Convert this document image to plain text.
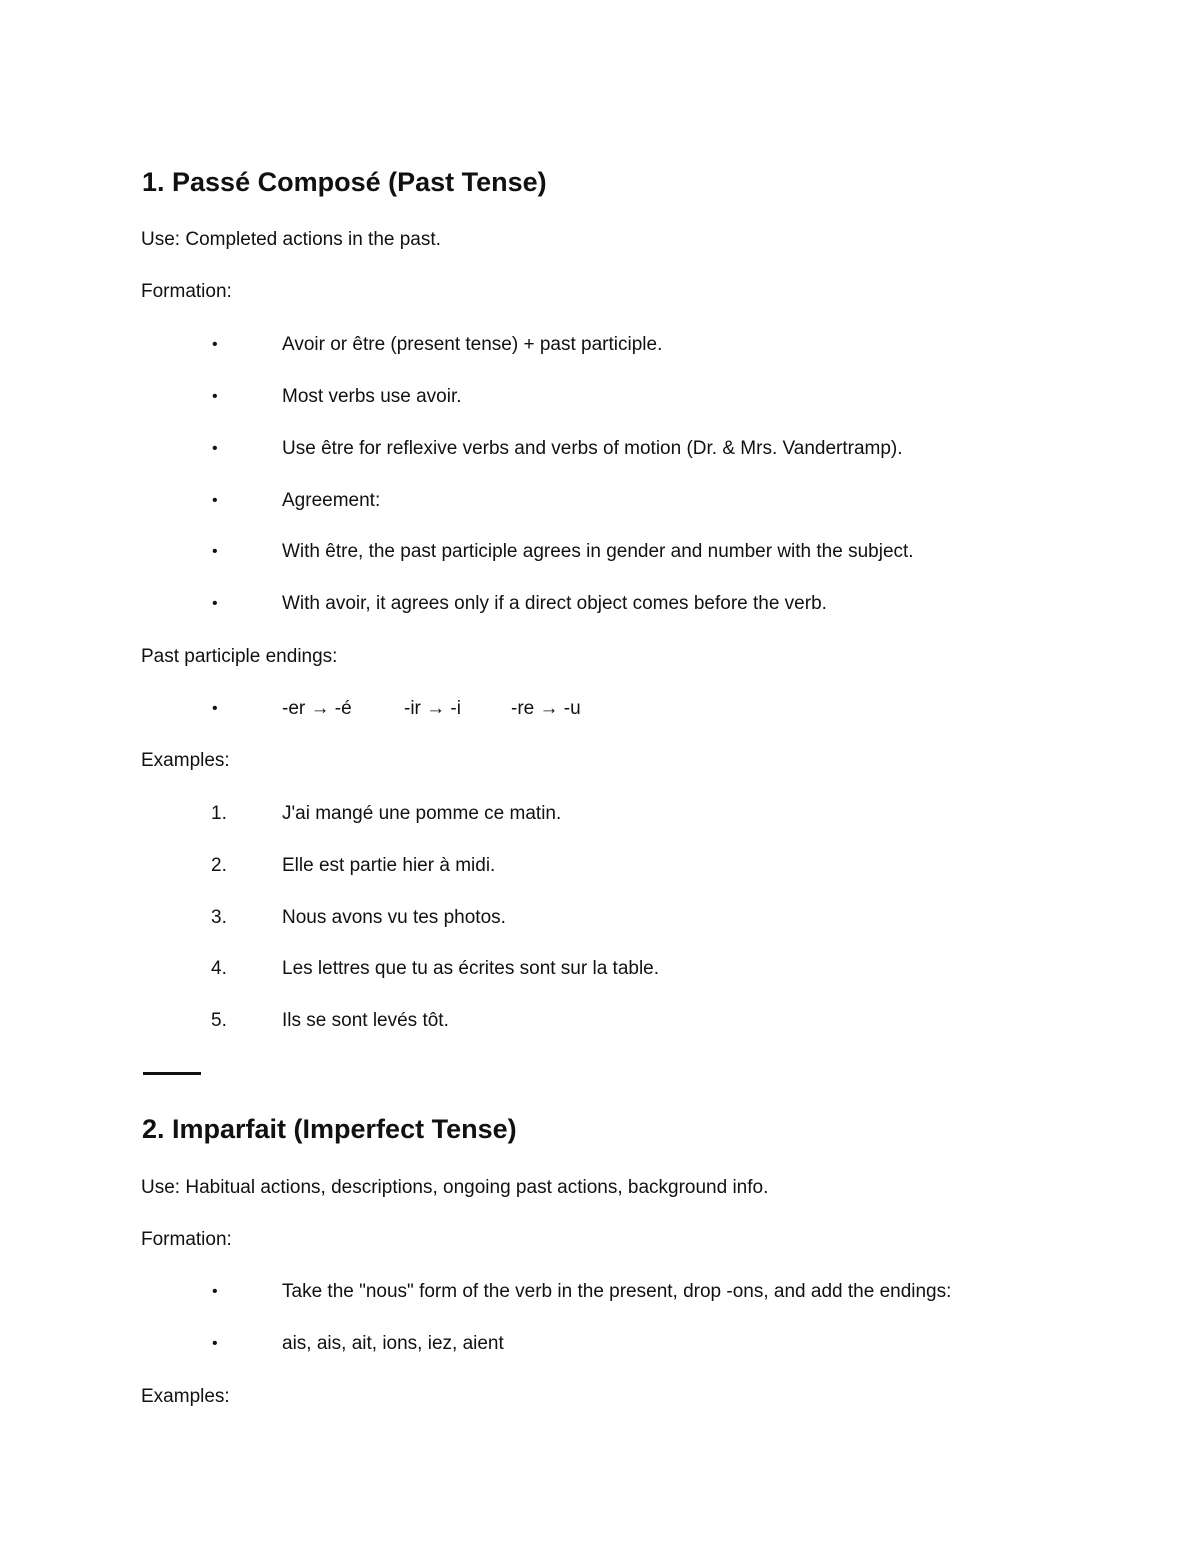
1. Passé Composé (Past Tense)
Use: Completed actions in the past.
Formation:
•	Avoir or être (present tense) + past participle.
•	Most verbs use avoir.
•	Use être for reflexive verbs and verbs of motion (Dr. & Mrs. Vandertramp).
•	Agreement:
•	With être, the past participle agrees in gender and number with the subject.
•	With avoir, it agrees only if a direct object comes before the verb.
Past participle endings:
•	-er → -é	-ir → -i	-re → -u
Examples:
1.	J'ai mangé une pomme ce matin.
2.	Elle est partie hier à midi.
3.	Nous avons vu tes photos.
4.	Les lettres que tu as écrites sont sur la table.
5.	Ils se sont levés tôt.
2. Imparfait (Imperfect Tense)
Use: Habitual actions, descriptions, ongoing past actions, background info.
Formation:
•	Take the "nous" form of the verb in the present, drop -ons, and add the endings:
•	ais, ais, ait, ions, iez, aient
Examples:
